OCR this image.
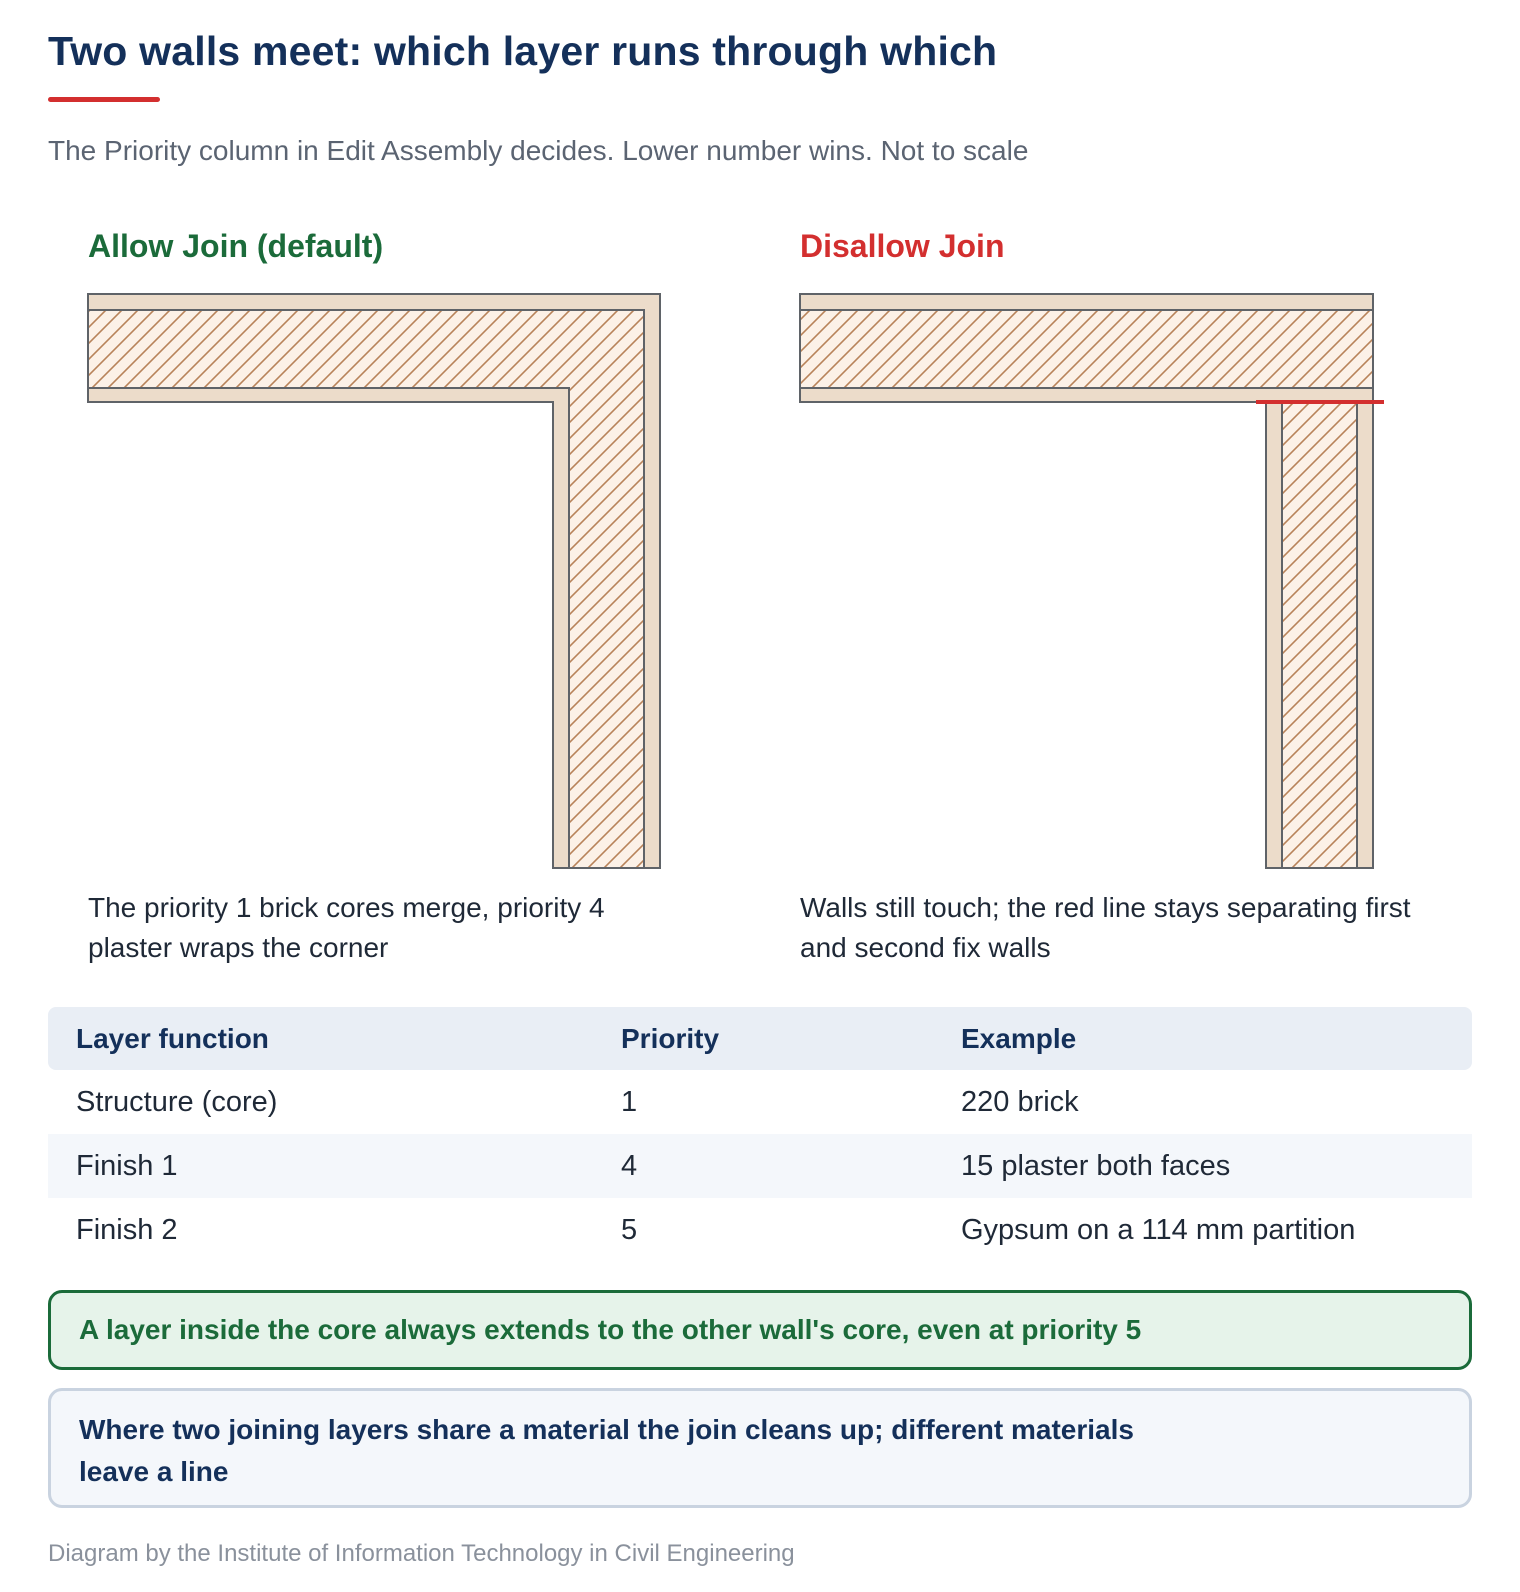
Two walls meet: which layer runs through which
The Priority column in Edit Assembly decides. Lower number wins. Not to scale
Allow Join (default)	Disallow Join
The priority 1 brick cores merge, priority 4 plaster wraps the corner
Walls still touch; the red line stays separating first and second fix walls
Layer function	Priority	Example
Structure (core)	1	220 brick
Finish 1	4	15 plaster both faces
Finish 2	5	Gypsum on a 114 mm partition
A layer inside the core always extends to the other wall's core, even at priority 5
Where two joining layers share a material the join cleans up; different materials leave a line
Diagram by the Institute of Information Technology in Civil Engineering
